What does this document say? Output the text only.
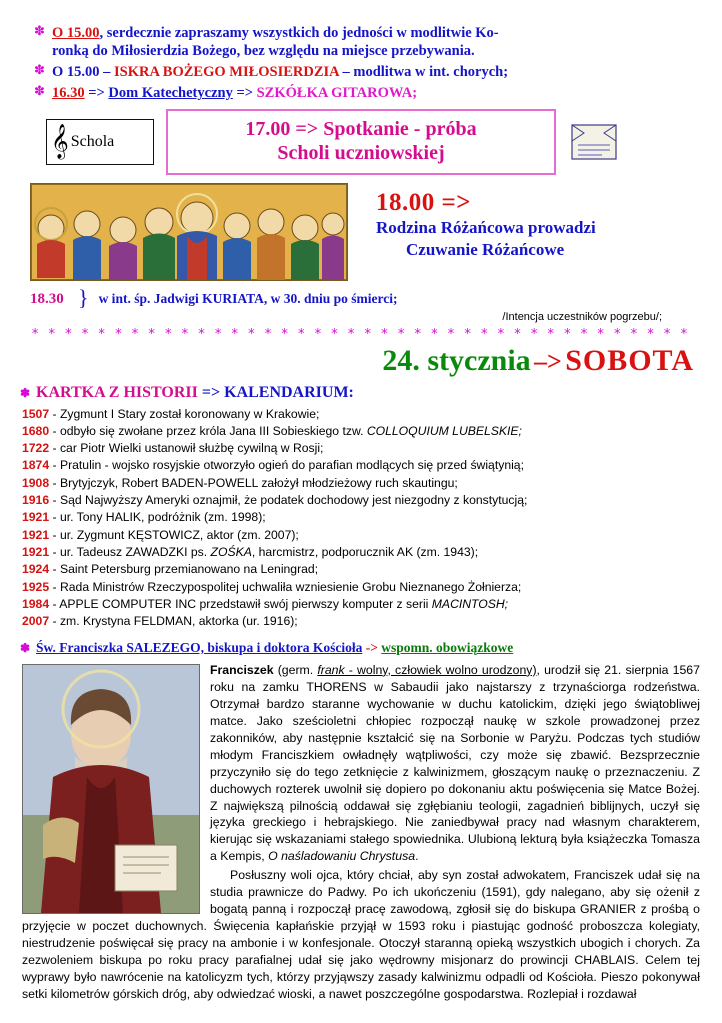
✽ O 15.00, serdecznie zapraszamy wszystkich do jedności w modlitwie Ko-
ronką do Miłosierdzia Bożego, bez względu na miejsce przebywania.
✽ O 15.00 – ISKRA BOŻEGO MIŁOSIERDZIA – modlitwa w int. chorych;
✽ 16.30 => Dom Katechetyczny => SZKÓŁKA GITAROWA;
𝄞 Schola
17.00 => Spotkanie - próba
Scholi uczniowskiej
18.00 =>
Rodzina Różańcowa prowadzi
Czuwanie Różańcowe
18.30 } w int. śp. Jadwigi KURIATA, w 30. dniu po śmierci;
/Intencja uczestników pogrzebu/;
* * * * * * * * * * * * * * * * * * * * * * * * * * * * * * * * * * * * * * * *
24. stycznia –> SOBOTA
✽ KARTKA Z HISTORII => KALENDARIUM:
1507 - Zygmunt I Stary został koronowany w Krakowie;
1680 - odbyło się zwołane przez króla Jana III Sobieskiego tzw. COLLOQUIUM LUBELSKIE;
1722 - car Piotr Wielki ustanowił służbę cywilną w Rosji;
1874 - Pratulin - wojsko rosyjskie otworzyło ogień do parafian modlących się przed świątynią;
1908 - Brytyjczyk, Robert BADEN-POWELL założył młodzieżowy ruch skautingu;
1916 - Sąd Najwyższy Ameryki oznajmił, że podatek dochodowy jest niezgodny z konstytucją;
1921 - ur. Tony HALIK, podróżnik (zm. 1998);
1921 - ur. Zygmunt KĘSTOWICZ, aktor (zm. 2007);
1921 - ur. Tadeusz ZAWADZKI ps. ZOŚKA, harcmistrz, podporucznik AK (zm. 1943);
1924 - Saint Petersburg przemianowano na Leningrad;
1925 - Rada Ministrów Rzeczypospolitej uchwaliła wzniesienie Grobu Nieznanego Żołnierza;
1984 - APPLE COMPUTER INC przedstawił swój pierwszy komputer z serii MACINTOSH;
2007 - zm. Krystyna FELDMAN, aktorka (ur. 1916);
✽ Św. Franciszka SALEZEGO, biskupa i doktora Kościoła -> wspomn. obowiązkowe

Franciszek (germ. frank - wolny, człowiek wolno urodzony), urodził się 21. sierpnia 1567 roku na zamku THORENS w Sabaudii jako najstarszy z trzynaściorga rodzeństwa. Otrzymał bardzo staranne wychowanie w duchu katolickim, dzięki jego świątobliwej matce. Jako sześcioletni chłopiec rozpoczął naukę w szkole prowadzonej przez zakonników, aby następnie kształcić się na Sorbonie w Paryżu. Podczas tych studiów młodym Franciszkiem owładnęły wątpliwości, czy może się zbawić. Bezsprzecznie przyczyniło się do tego zetknięcie z kalwinizmem, głoszącym naukę o przeznaczeniu. Z duchowych rozterek uwolnił się dopiero po dokonaniu aktu poświęcenia się Matce Bożej. Z największą pilnością oddawał się zgłębianiu teologii, zagadnień biblijnych, uczył się języka greckiego i hebrajskiego. Nie zaniedbywał pracy nad własnym charakterem, kierując się wskazaniami stałego spowiednika. Ulubioną lekturą była książeczka Tomasza a Kempis, O naśladowaniu Chrystusa.

Posłuszny woli ojca, który chciał, aby syn został adwokatem, Franciszek udał się na studia prawnicze do Padwy. Po ich ukończeniu (1591), gdy nalegano, aby się ożenił z bogatą panną i rozpoczął pracę zawodową, zgłosił się do biskupa GRANIER z prośbą o przyjęcie w poczet duchownych. Święcenia kapłańskie przyjął w 1593 roku i piastując godność proboszcza kolegiaty, niestrudzenie poświęcał się pracy na ambonie i w konfesjonale. Otoczył staranną opieką wszystkich ubogich i chorych. Za zezwoleniem biskupa po roku pracy parafialnej udał się jako wędrowny misjonarz do prowincji CHABLAIS. Celem tej wyprawy było nawrócenie na katolicyzm tych, którzy przyjąwszy zasady kalwinizmu odpadli od Kościoła. Pieszo pokonywał setki kilometrów górskich dróg, aby odwiedzać wioski, a nawet poszczególne gospodarstwa. Rozlepiał i rozdawał
